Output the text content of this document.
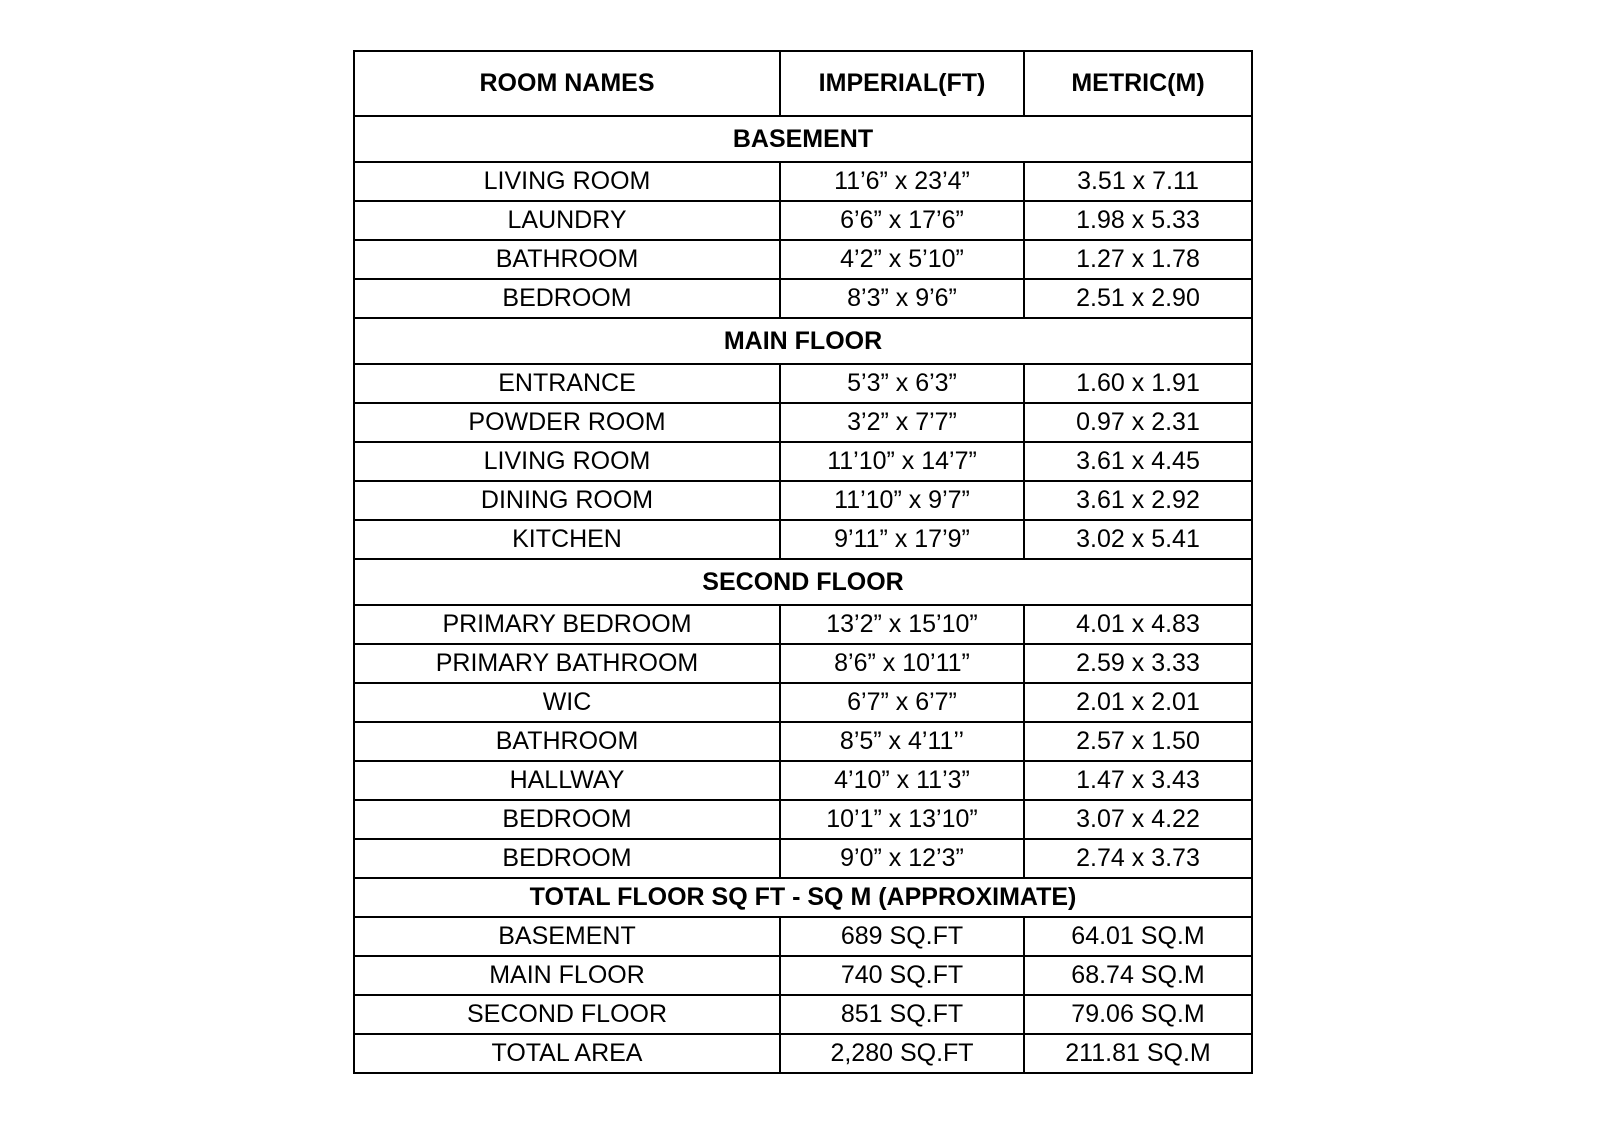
ROOM NAMES	IMPERIAL(FT)	METRIC(M)
BASEMENT		
LIVING ROOM	11’6” x 23’4”	3.51 x 7.11
LAUNDRY	6’6” x 17’6”	1.98 x 5.33
BATHROOM	4’2” x 5’10”	1.27 x 1.78
BEDROOM	8’3” x 9’6”	2.51 x 2.90
MAIN FLOOR		
ENTRANCE	5’3” x 6’3”	1.60 x 1.91
POWDER ROOM	3’2” x 7’7”	0.97 x 2.31
LIVING ROOM	11’10” x 14’7”	3.61 x 4.45
DINING ROOM	11’10” x 9’7”	3.61 x 2.92
KITCHEN	9’11” x 17’9”	3.02 x 5.41
SECOND FLOOR		
PRIMARY BEDROOM	13’2” x 15’10”	4.01 x 4.83
PRIMARY BATHROOM	8’6” x 10’11”	2.59 x 3.33
WIC	6’7” x 6’7”	2.01 x 2.01
BATHROOM	8’5” x 4’11’’	2.57 x 1.50
HALLWAY	4’10” x 11’3”	1.47 x 3.43
BEDROOM	10’1” x 13’10”	3.07 x 4.22
BEDROOM	9’0” x 12’3”	2.74 x 3.73
TOTAL FLOOR SQ FT - SQ M (APPROXIMATE)		
BASEMENT	689 SQ.FT	64.01 SQ.M
MAIN FLOOR	740 SQ.FT	68.74 SQ.M
SECOND FLOOR	851 SQ.FT	79.06 SQ.M
TOTAL AREA	2,280 SQ.FT	211.81 SQ.M
